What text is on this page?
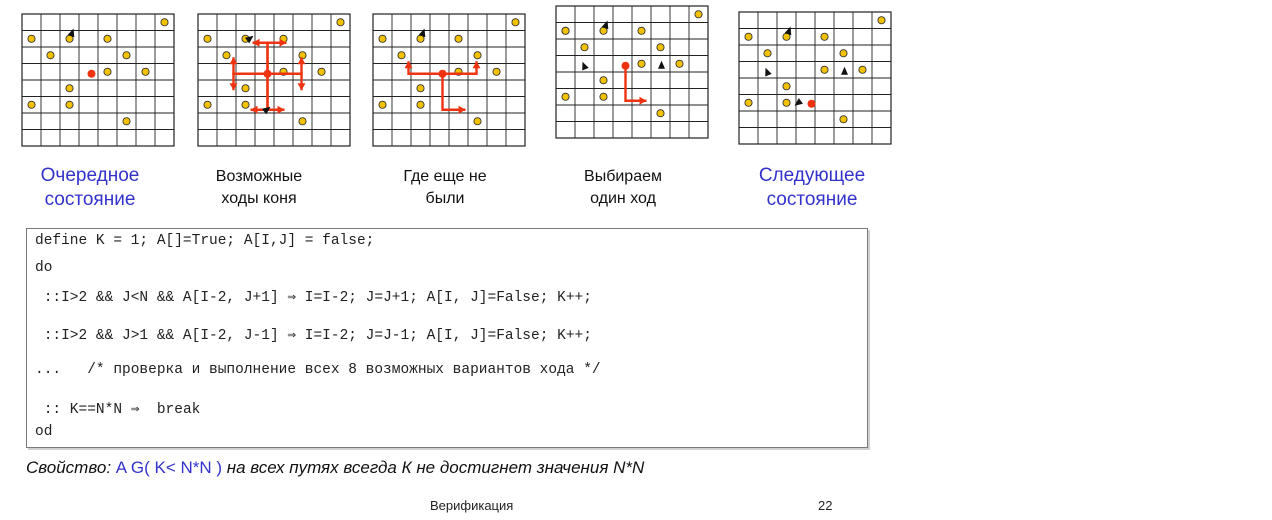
Очередное
состояние
Возможные
ходы коня
Где еще не
были
Выбираем
один ход
Следующее
состояние
define K = 1; A[]=True; A[I,J] = false;
do
::I>2 && J<N && A[I-2, J+1] ⇒ I=I-2; J=J+1; A[I, J]=False; K++;
::I>2 && J>1 && A[I-2, J-1] ⇒ I=I-2; J=J-1; A[I, J]=False; K++;
...   /* проверка и выполнение всех 8 возможных вариантов хода */
:: K==N*N ⇒  break
od
Свойство: A G( K< N*N ) на всех путях всегда К не достигнет значения N*N
Верификация	22
